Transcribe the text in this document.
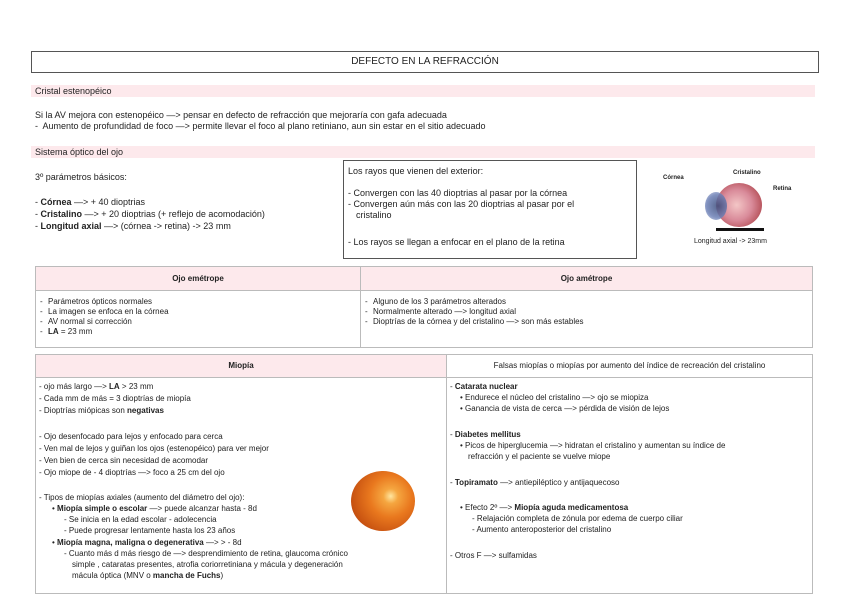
DEFECTO EN LA REFRACCIÓN
Cristal estenopéico
Si la AV mejora con estenopéico —> pensar en defecto de refracción que mejoraría con gafa adecuada
-  Aumento de profundidad de foco —> permite llevar el foco al plano retiniano, aun sin estar en el sitio adecuado
Sistema óptico del ojo
3º parámetros básicos:
- Córnea —> + 40 dioptrias
- Cristalino —> + 20 dioptrias (+ reflejo de acomodación)
- Longitud axial —> (córnea -> retina) -> 23 mm
Los rayos que vienen del exterior:
- Convergen con las 40 dioptrias al pasar por la córnea
- Convergen aún más con las 20 dioptrias al pasar por el
cristalino
- Los rayos se llegan a enfocar en el plano de la retina
Córnea
Cristalino
Retina
Longitud axial -> 23mm
Ojo emétrope	Ojo amétrope
- Parámetros ópticos normales
- La imagen se enfoca en la córnea
- AV normal si corrección
- LA = 23 mm
- Alguno de los 3 parámetros alterados
- Normalmente alterado —> longitud axial
- Dioptrías de la córnea y del cristalino —> son más estables
Miopía	Falsas miopías o miopías por aumento del índice de recreación del cristalino
- ojo más largo —> LA > 23 mm
- Cada mm de más = 3 dioptrías de miopía
- Dioptrías miópicas son negativas
- Ojo desenfocado para lejos y enfocado para cerca
- Ven mal de lejos y guiñan los ojos (estenopéico) para ver mejor
- Ven bien de cerca sin necesidad de acomodar
- Ojo miope de - 4 dioptrías —> foco a 25 cm del ojo
- Tipos de miopías axiales (aumento del diámetro del ojo):
• Miopía simple o escolar —> puede alcanzar hasta - 8d
- Se inicia en la edad escolar - adolecencia
- Puede progresar lentamente hasta los 23 años
• Miopía magna, maligna o degenerativa —> > - 8d
- Cuanto más d más riesgo de —> desprendimiento de retina, glaucoma crónico
simple , cataratas presentes, atrofia coriorretiniana y mácula y degeneración
mácula óptica (MNV o mancha de Fuchs)
- Catarata nuclear
• Endurece el núcleo del cristalino —> ojo se miopiza
• Ganancia de vista de cerca —> pérdida de visión de lejos
- Diabetes mellitus
• Picos de hiperglucemia —> hidratan el cristalino y aumentan su índice de
refracción y el paciente se vuelve miope
- Topiramato —> antiepiléptico y antijaquecoso
• Efecto 2º —> Miopía aguda medicamentosa
- Relajación completa de zónula por edema de cuerpo ciliar
- Aumento anteroposterior del cristalino
- Otros F —> sulfamidas
